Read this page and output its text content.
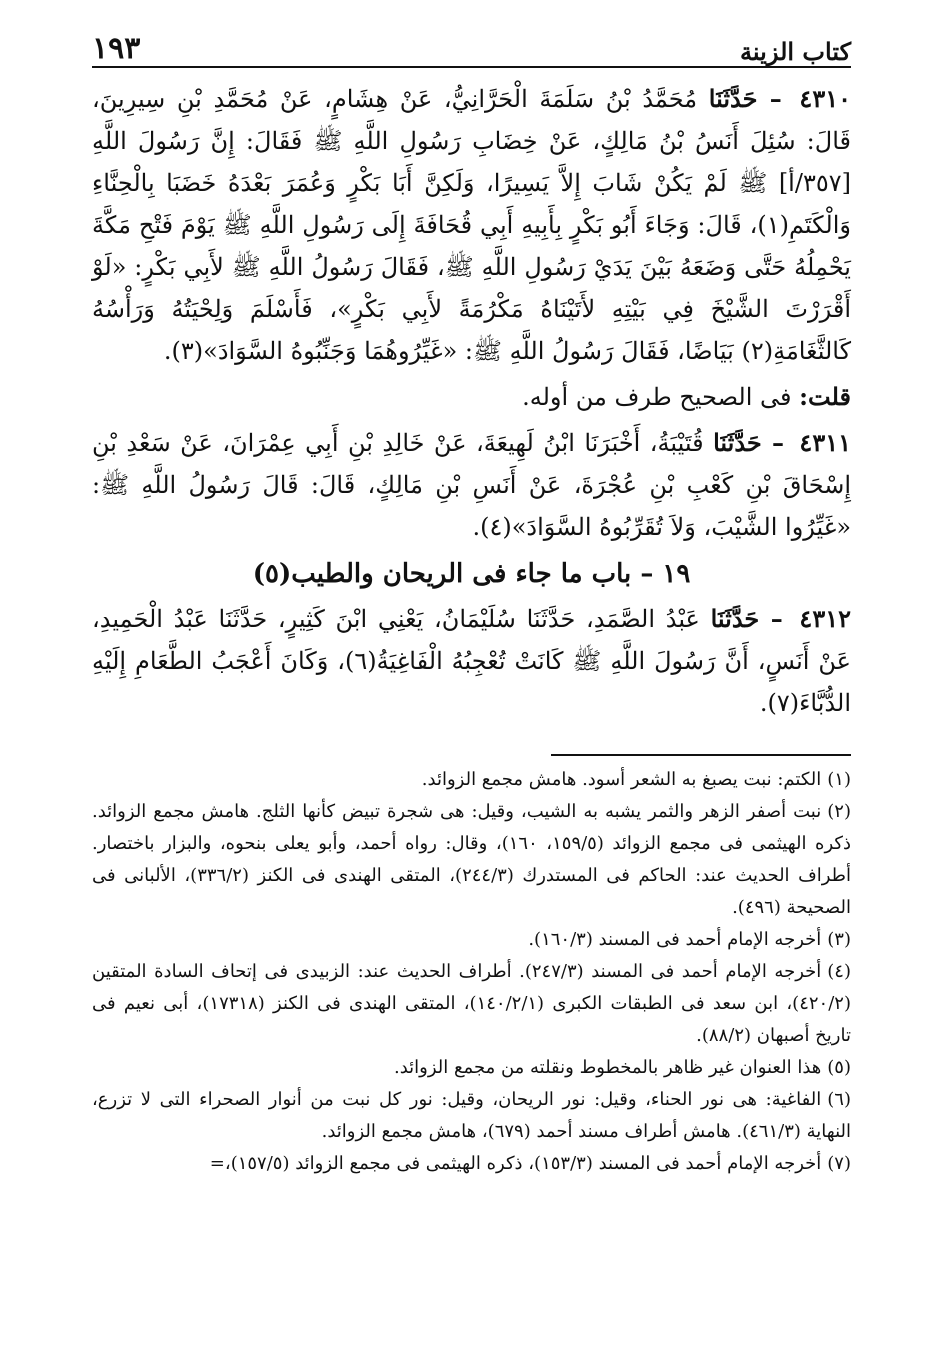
كتاب الزينة
١٩٣

٤٣١٠ – حَدَّثَنَا مُحَمَّدُ بْنُ سَلَمَةَ الْحَرَّانِيُّ، عَنْ هِشَامٍ، عَنْ مُحَمَّدِ بْنِ سِيرِينَ، قَالَ: سُئِلَ أَنَسُ بْنُ مَالِكٍ، عَنْ خِضَابِ رَسُولِ اللَّهِ ﷺ فَقَالَ: إِنَّ رَسُولَ اللَّهِ [٣٥٧/أ] ﷺ لَمْ يَكُنْ شَابَ إِلاَّ يَسِيرًا، وَلَكِنَّ أَبَا بَكْرٍ وَعُمَرَ بَعْدَهُ خَضَبَا بِالْحِنَّاءِ وَالْكَتَمِ(١)، قَالَ: وَجَاءَ أَبُو بَكْرٍ بِأَبِيهِ أَبِي قُحَافَةَ إِلَى رَسُولِ اللَّهِ ﷺ يَوْمَ فَتْحِ مَكَّةَ يَحْمِلُهُ حَتَّى وَضَعَهُ بَيْنَ يَدَيْ رَسُولِ اللَّهِ ﷺ، فَقَالَ رَسُولُ اللَّهِ ﷺ لأَبِي بَكْرٍ: «لَوْ أَقْرَرْتَ الشَّيْخَ فِي بَيْتِهِ لأَتَيْنَاهُ مَكْرُمَةً لأَبِي بَكْرٍ»، فَأَسْلَمَ وَلِحْيَتُهُ وَرَأْسُهُ كَالثَّغَامَةِ(٢) بَيَاضًا، فَقَالَ رَسُولُ اللَّهِ ﷺ: «غَيِّرُوهُمَا وَجَنِّبُوهُ السَّوَادَ»(٣).

قلت: فى الصحيح طرف من أوله.

٤٣١١ – حَدَّثَنَا قُتَيْبَةُ، أَخْبَرَنَا ابْنُ لَهِيعَةَ، عَنْ خَالِدِ بْنِ أَبِي عِمْرَانَ، عَنْ سَعْدِ بْنِ إِسْحَاقَ بْنِ كَعْبِ بْنِ عُجْرَةَ، عَنْ أَنَسِ بْنِ مَالِكٍ، قَالَ: قَالَ رَسُولُ اللَّهِ ﷺ: «غَيِّرُوا الشَّيْبَ، وَلاَ تُقَرِّبُوهُ السَّوَادَ»(٤).

١٩ – باب ما جاء فى الريحان والطيب(٥)

٤٣١٢ – حَدَّثَنَا عَبْدُ الصَّمَدِ، حَدَّثَنَا سُلَيْمَانُ، يَعْنِي ابْنَ كَثِيرٍ، حَدَّثَنَا عَبْدُ الْحَمِيدِ، عَنْ أَنَسٍ، أَنَّ رَسُولَ اللَّهِ ﷺ كَانَتْ تُعْجِبُهُ الْفَاغِيَةُ(٦)، وَكَانَ أَعْجَبُ الطَّعَامِ إِلَيْهِ الدُّبَّاءَ(٧).

(١)الكتم: نبت يصبغ به الشعر أسود. هامش مجمع الزوائد.

(٢)نبت أصفر الزهر والثمر يشبه به الشيب، وقيل: هى شجرة تبيض كأنها الثلج. هامش مجمع الزوائد. ذكره الهيثمى فى مجمع الزوائد (١٥٩/٥، ١٦٠)، وقال: رواه أحمد، وأبو يعلى بنحوه، والبزار باختصار. أطراف الحديث عند: الحاكم فى المستدرك (٢٤٤/٣)، المتقى الهندى فى الكنز (٣٣٦/٢)، الألبانى فى الصحيحة (٤٩٦).

(٣)أخرجه الإمام أحمد فى المسند (١٦٠/٣).

(٤)أخرجه الإمام أحمد فى المسند (٢٤٧/٣). أطراف الحديث عند: الزبيدى فى إتحاف السادة المتقين (٤٢٠/٢)، ابن سعد فى الطبقات الكبرى (١٤٠/٢/١)، المتقى الهندى فى الكنز (١٧٣١٨)، أبى نعيم فى تاريخ أصبهان (٨٨/٢).

(٥)هذا العنوان غير ظاهر بالمخطوط ونقلته من مجمع الزوائد.

(٦)الفاغية: هى نور الحناء، وقيل: نور الريحان، وقيل: نور كل نبت من أنوار الصحراء التى لا تزرع، النهاية (٤٦١/٣). هامش أطراف مسند أحمد (٦٧٩)، هامش مجمع الزوائد.

(٧)أخرجه الإمام أحمد فى المسند (١٥٣/٣)، ذكره الهيثمى فى مجمع الزوائد (١٥٧/٥)،=
